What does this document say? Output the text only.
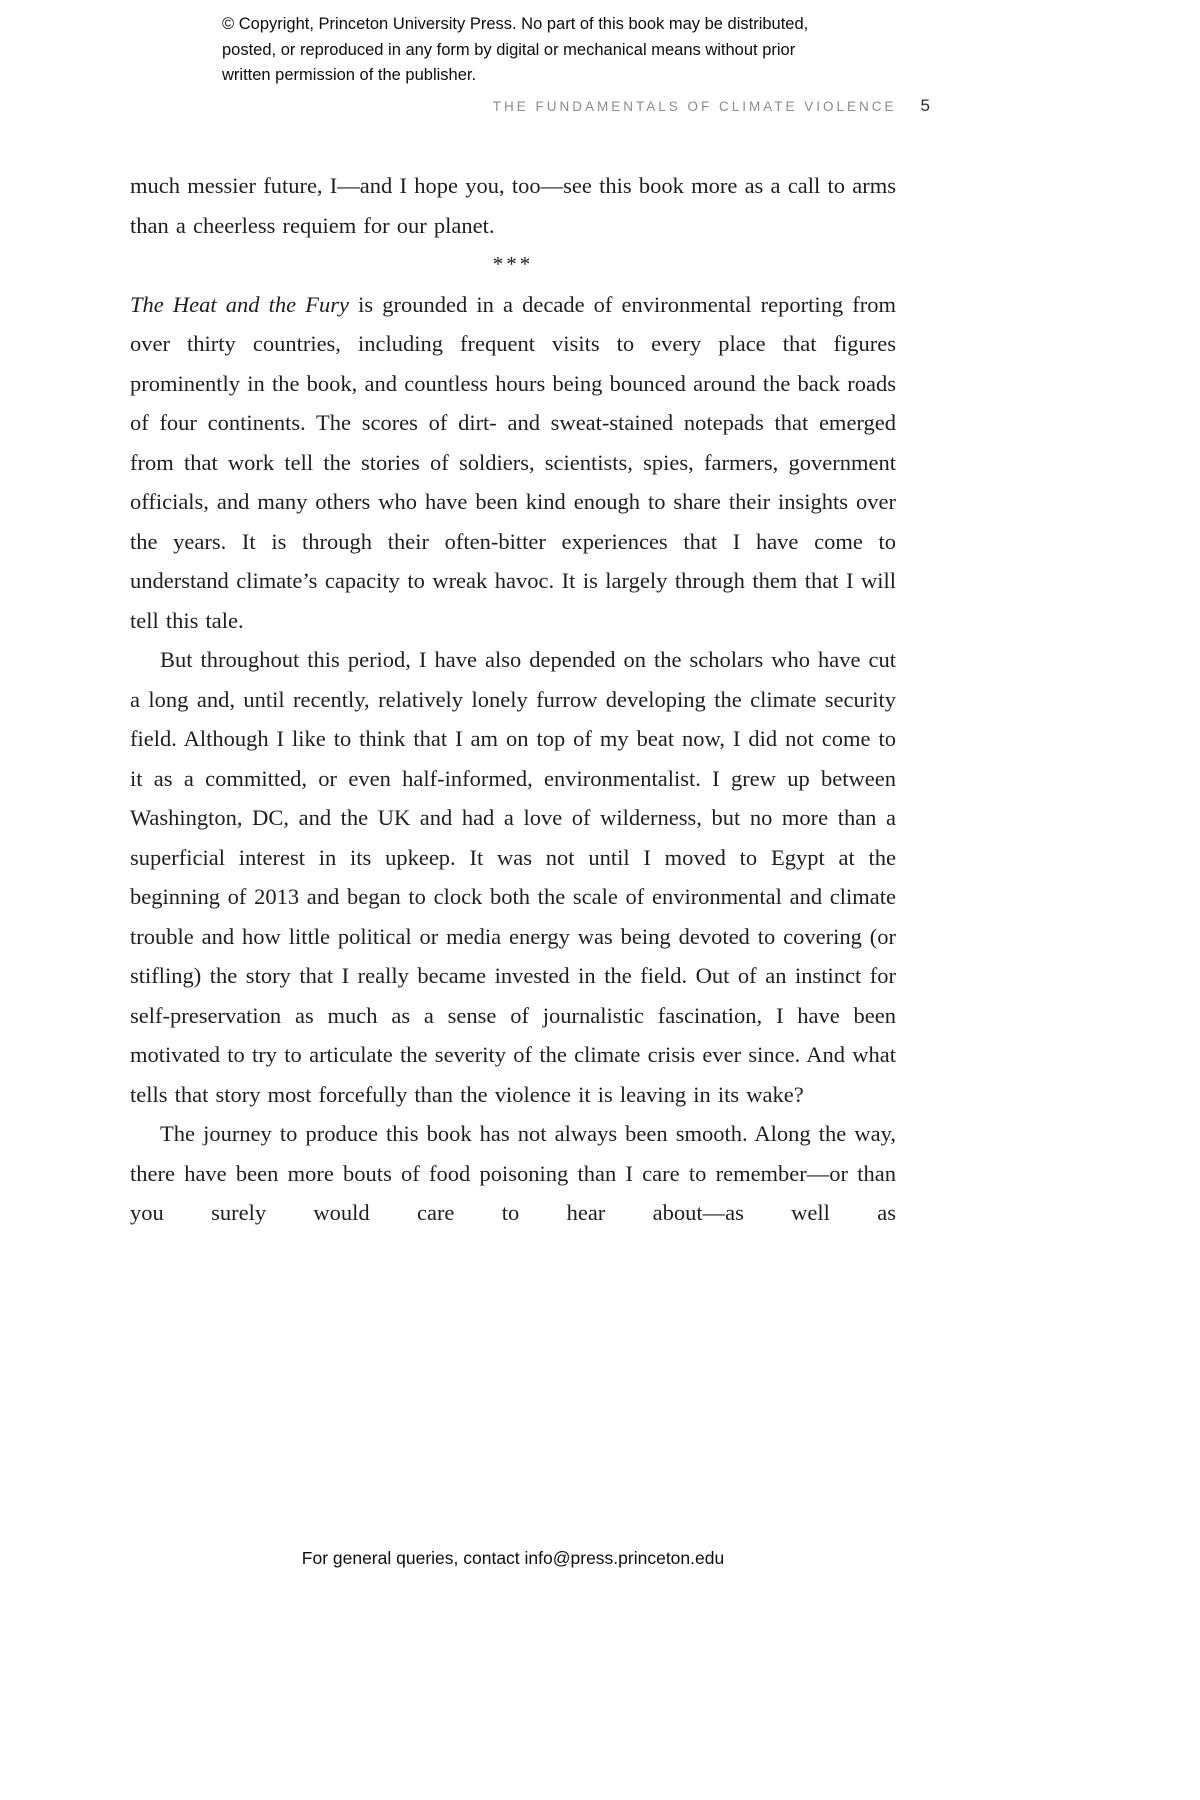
© Copyright, Princeton University Press. No part of this book may be distributed, posted, or reproduced in any form by digital or mechanical means without prior written permission of the publisher.
THE FUNDAMENTALS OF CLIMATE VIOLENCE 5

much messier future, I—and I hope you, too—see this book more as a call to arms than a cheerless requiem for our planet.

***

The Heat and the Fury is grounded in a decade of environmental reporting from over thirty countries, including frequent visits to every place that figures prominently in the book, and countless hours being bounced around the back roads of four continents. The scores of dirt- and sweat-stained notepads that emerged from that work tell the stories of soldiers, scientists, spies, farmers, government officials, and many others who have been kind enough to share their insights over the years. It is through their often-bitter experiences that I have come to understand climate’s capacity to wreak havoc. It is largely through them that I will tell this tale.

But throughout this period, I have also depended on the scholars who have cut a long and, until recently, relatively lonely furrow developing the climate security field. Although I like to think that I am on top of my beat now, I did not come to it as a committed, or even half-informed, environmentalist. I grew up between Washington, DC, and the UK and had a love of wilderness, but no more than a superficial interest in its upkeep. It was not until I moved to Egypt at the beginning of 2013 and began to clock both the scale of environmental and climate trouble and how little political or media energy was being devoted to covering (or stifling) the story that I really became invested in the field. Out of an instinct for self-preservation as much as a sense of journalistic fascination, I have been motivated to try to articulate the severity of the climate crisis ever since. And what tells that story most forcefully than the violence it is leaving in its wake?

The journey to produce this book has not always been smooth. Along the way, there have been more bouts of food poisoning than I care to remember—or than you surely would care to hear about—as well as

For general queries, contact info@press.princeton.edu
